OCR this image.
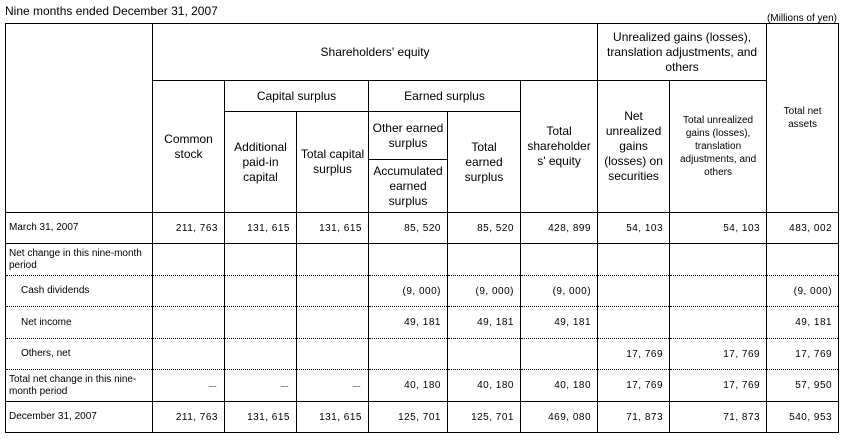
Nine months ended December 31, 2007
(Millions of yen)
	Shareholders' equity						Unrealized gains (losses), translation adjustments, and others		Total net assets
	Common stock	Capital surplus		Earned surplus		Total shareholder s' equity	Net unrealized gains (losses) on securities	Total unrealized gains (losses), translation adjustments, and others	
		Additional paid-in capital	Total capital surplus	Other earned surplus	Total earned surplus				
				Accumulated earned surplus					
March 31, 2007	211, 763	131, 615	131, 615	85, 520	85, 520	428, 899	54, 103	54, 103	483, 002
Net change in this nine-month period									
Cash dividends				(9, 000)	(9, 000)	(9, 000)			(9, 000)
Net income				49, 181	49, 181	49, 181			49, 181
Others, net							17, 769	17, 769	17, 769
Total net change in this nine-month period	－	－	－	40, 180	40, 180	40, 180	17, 769	17, 769	57, 950
December 31, 2007	211, 763	131, 615	131, 615	125, 701	125, 701	469, 080	71, 873	71, 873	540, 953
